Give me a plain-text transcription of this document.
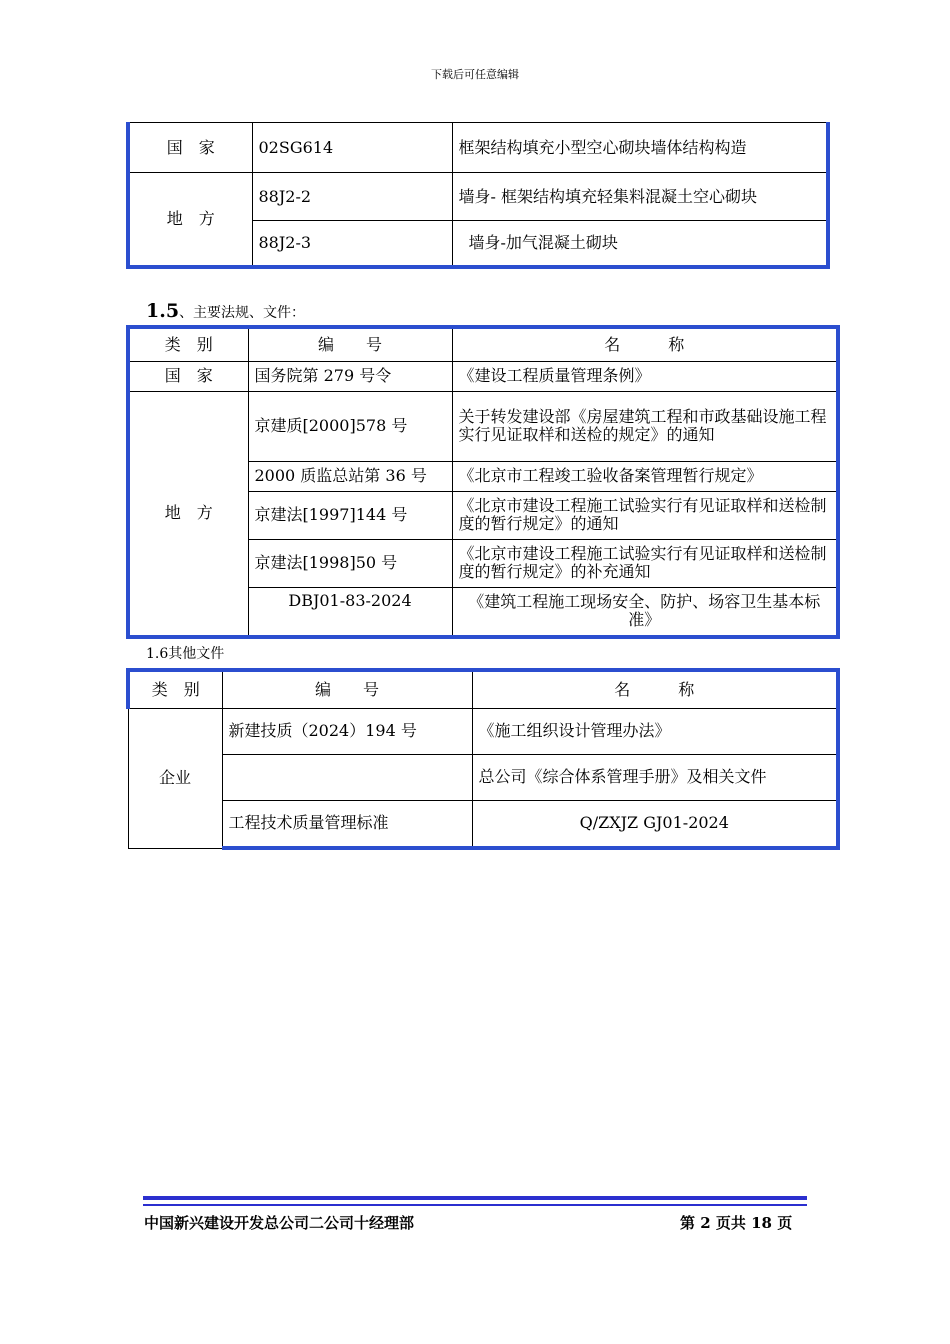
下载后可任意编辑
国　家	02SG614	框架结构填充小型空心砌块墙体结构构造
地　方	88J2-2	墙身- 框架结构填充轻集料混凝土空心砌块
	88J2-3	墙身-加气混凝土砌块
1.5、主要法规、文件：
类　别	编　　号	名　　　称
国　家	国务院第 279 号令	《建设工程质量管理条例》
地　方	京建质[2000]578 号	关于转发建设部《房屋建筑工程和市政基础设施工程实行见证取样和送检的规定》的通知
	2000 质监总站第 36 号	《北京市工程竣工验收备案管理暂行规定》
	京建法[1997]144 号	《北京市建设工程施工试验实行有见证取样和送检制度的暂行规定》的通知
	京建法[1998]50 号	《北京市建设工程施工试验实行有见证取样和送检制度的暂行规定》的补充通知
	DBJ01-83-2024	《建筑工程施工现场安全、防护、场容卫生基本标准》
1.6其他文件
类　别	编　　号	名　　　称
企业	新建技质（2024）194 号	《施工组织设计管理办法》
		总公司《综合体系管理手册》及相关文件
	工程技术质量管理标准	Q/ZXJZ GJ01-2024
中国新兴建设开发总公司二公司十经理部	第 2 页共 18 页
